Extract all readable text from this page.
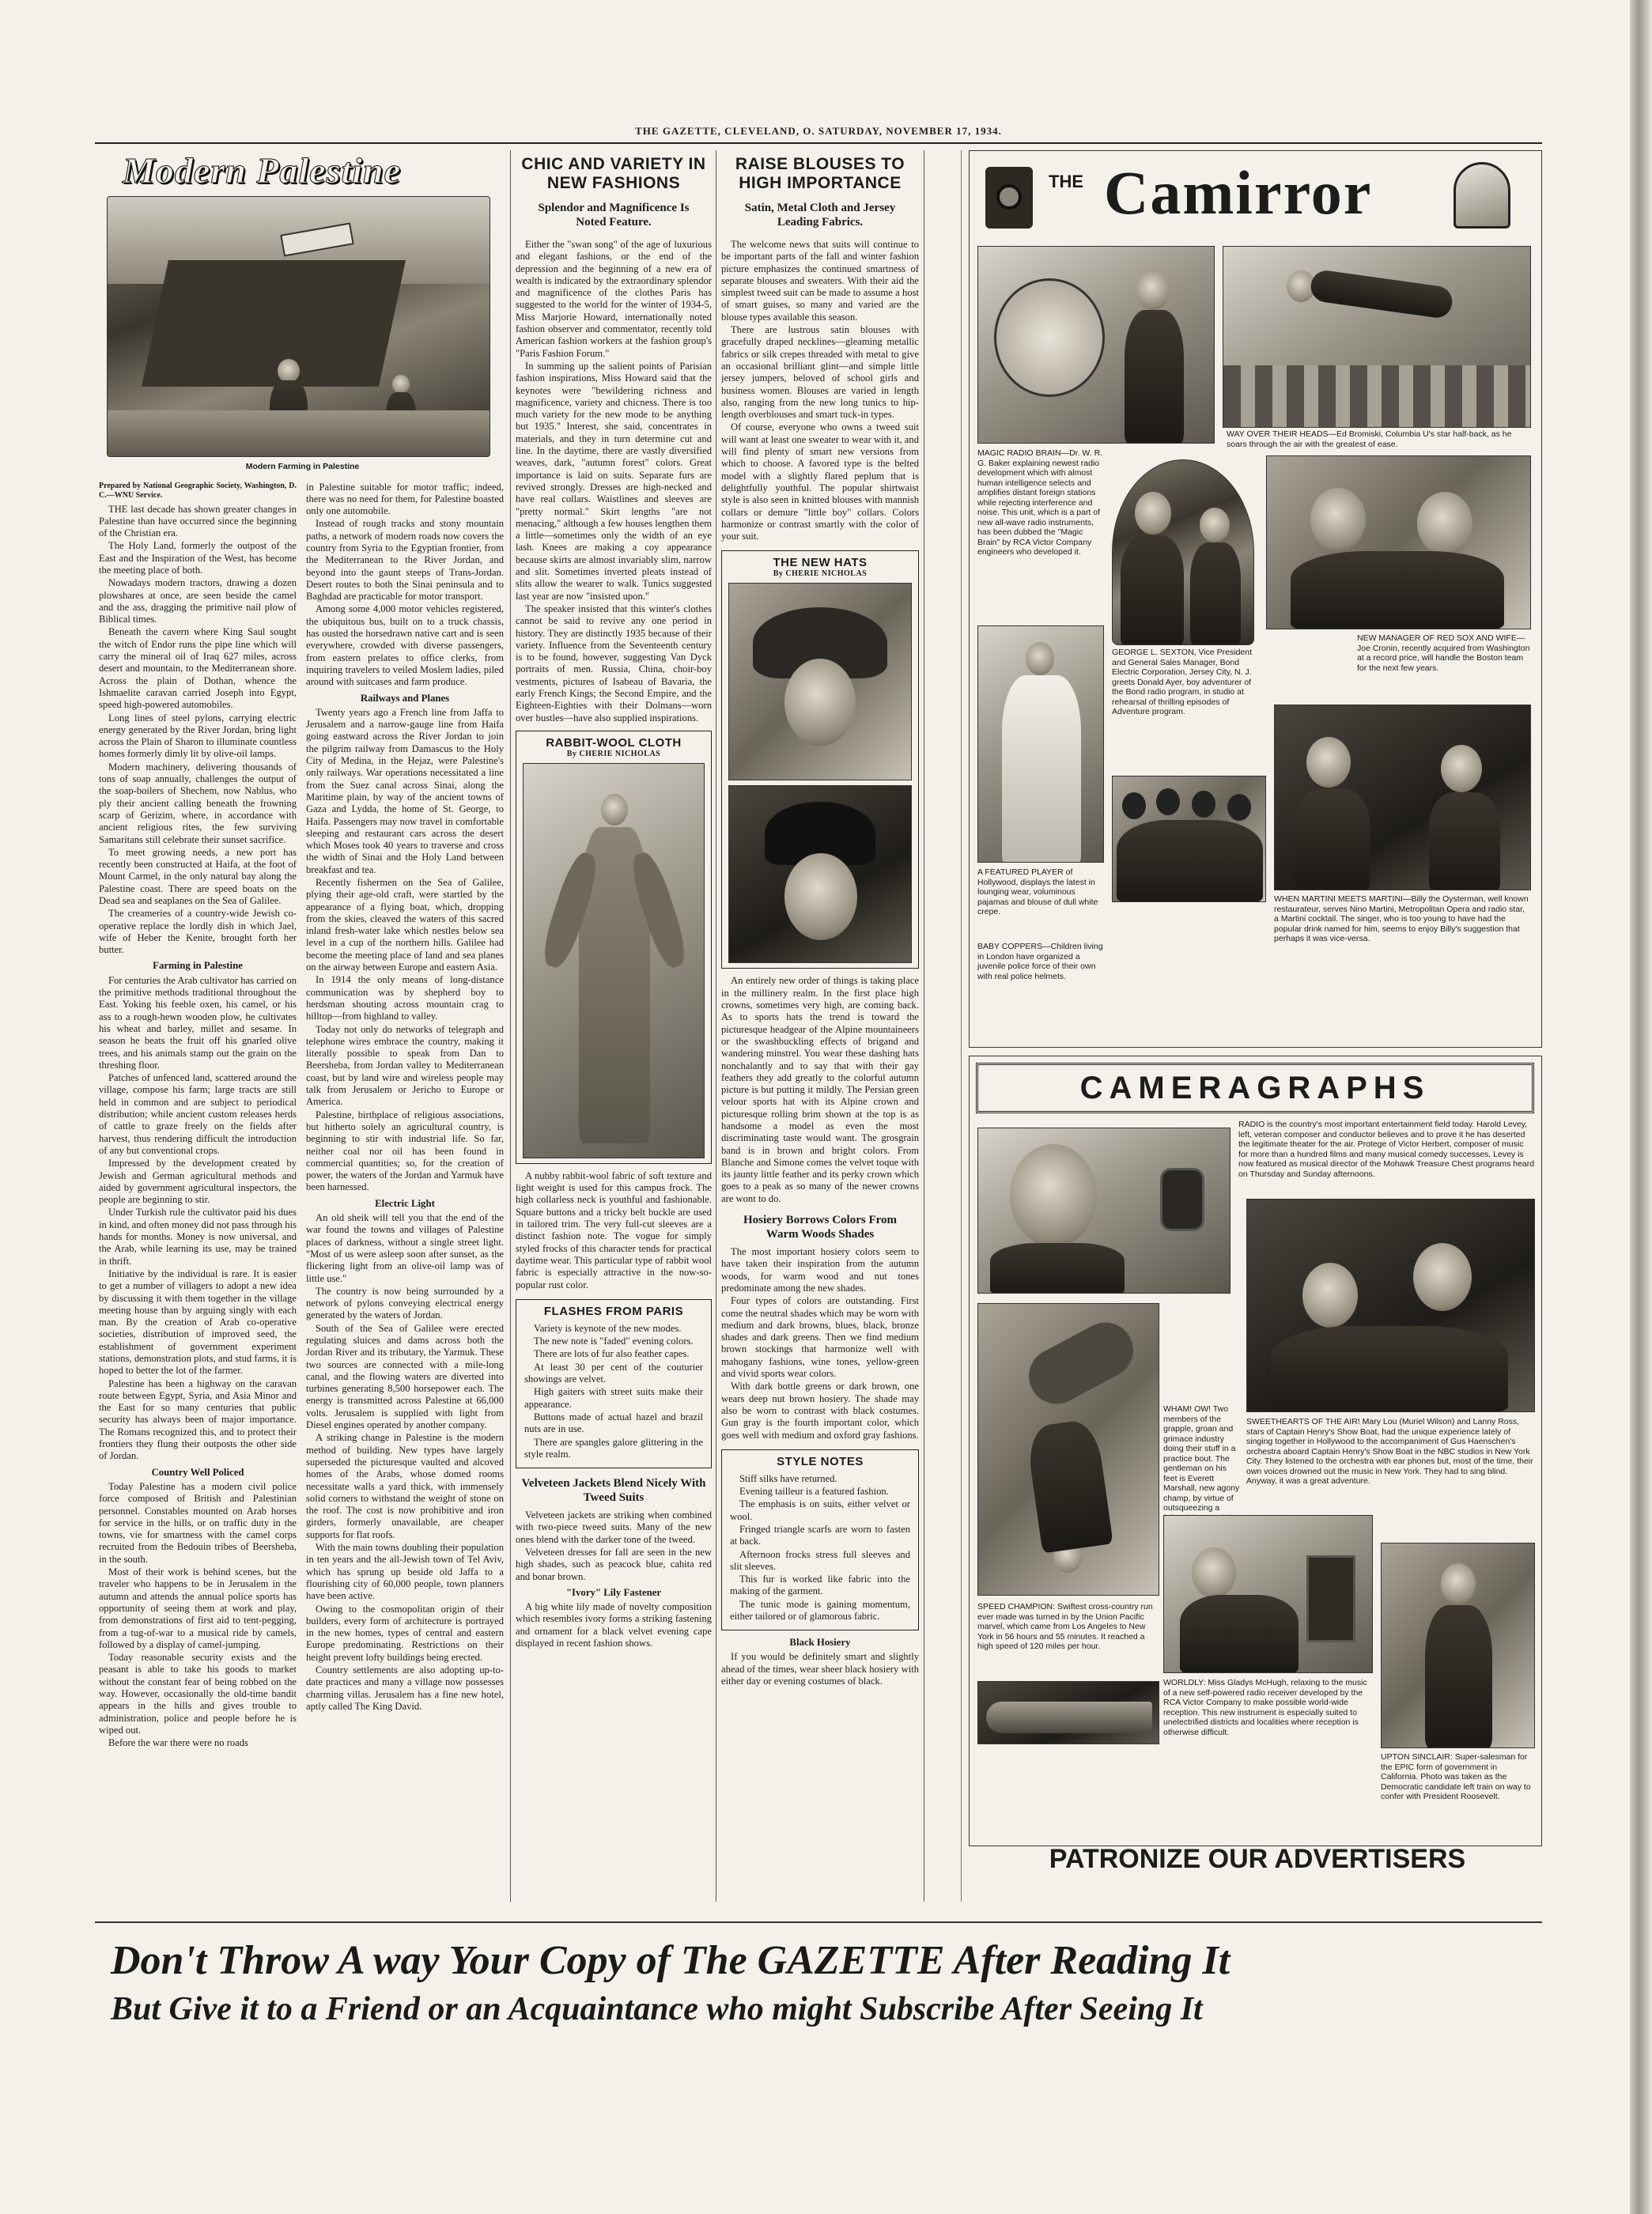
THE GAZETTE, CLEVELAND, O. SATURDAY, NOVEMBER 17, 1934.
Modern Palestine
Modern Farming in Palestine
Prepared by National Geographic Society, Washington, D. C.—WNU Service.

THE last decade has shown greater changes in Palestine than have occurred since the beginning of the Christian era.

The Holy Land, formerly the outpost of the East and the Inspiration of the West, has become the meeting place of both.

Nowadays modern tractors, drawing a dozen plowshares at once, are seen beside the camel and the ass, dragging the primitive nail plow of Biblical times.

Beneath the cavern where King Saul sought the witch of Endor runs the pipe line which will carry the mineral oil of Iraq 627 miles, across desert and mountain, to the Mediterranean shore. Across the plain of Dothan, whence the Ishmaelite caravan carried Joseph into Egypt, speed high-powered automobiles.

Long lines of steel pylons, carrying electric energy generated by the River Jordan, bring light across the Plain of Sharon to illuminate countless homes formerly dimly lit by olive-oil lamps.

Modern machinery, delivering thousands of tons of soap annually, challenges the output of the soap-boilers of Shechem, now Nablus, who ply their ancient calling beneath the frowning scarp of Gerizim, where, in accordance with ancient religious rites, the few surviving Samaritans still celebrate their sunset sacrifice.

To meet growing needs, a new port has recently been constructed at Haifa, at the foot of Mount Carmel, in the only natural bay along the Palestine coast. There are speed boats on the Dead sea and seaplanes on the Sea of Galilee.

The creameries of a country-wide Jewish co-operative replace the lordly dish in which Jael, wife of Heber the Kenite, brought forth her butter.

Farming in Palestine

For centuries the Arab cultivator has carried on the primitive methods traditional throughout the East. Yoking his feeble oxen, his camel, or his ass to a rough-hewn wooden plow, he cultivates his wheat and barley, millet and sesame. In season he beats the fruit off his gnarled olive trees, and his animals stamp out the grain on the threshing floor.

Patches of unfenced land, scattered around the village, compose his farm; large tracts are still held in common and are subject to periodical distribution; while ancient custom releases herds of cattle to graze freely on the fields after harvest, thus rendering difficult the introduction of any but conventional crops.

Impressed by the development created by Jewish and German agricultural methods and aided by government agricultural inspectors, the people are beginning to stir.

Under Turkish rule the cultivator paid his dues in kind, and often money did not pass through his hands for months. Money is now universal, and the Arab, while learning its use, may be trained in thrift.

Initiative by the individual is rare. It is easier to get a number of villagers to adopt a new idea by discussing it with them together in the village meeting house than by arguing singly with each man. By the creation of Arab co-operative societies, distribution of improved seed, the establishment of government experiment stations, demonstration plots, and stud farms, it is hoped to better the lot of the farmer.

Palestine has been a highway on the caravan route between Egypt, Syria, and Asia Minor and the East for so many centuries that public security has always been of major importance. The Romans recognized this, and to protect their frontiers they flung their outposts the other side of Jordan.

Country Well Policed

Today Palestine has a modern civil police force composed of British and Palestinian personnel. Constables mounted on Arab horses for service in the hills, or on traffic duty in the towns, vie for smartness with the camel corps recruited from the Bedouin tribes of Beersheba, in the south.

Most of their work is behind scenes, but the traveler who happens to be in Jerusalem in the autumn and attends the annual police sports has opportunity of seeing them at work and play, from demonstrations of first aid to tent-pegging, from a tug-of-war to a musical ride by camels, followed by a display of camel-jumping.

Today reasonable security exists and the peasant is able to take his goods to market without the constant fear of being robbed on the way. However, occasionally the old-time bandit appears in the hills and gives trouble to administration, police and people before he is wiped out.

Before the war there were no roads

in Palestine suitable for motor traffic; indeed, there was no need for them, for Palestine boasted only one automobile.

Instead of rough tracks and stony mountain paths, a network of modern roads now covers the country from Syria to the Egyptian frontier, from the Mediterranean to the River Jordan, and beyond into the gaunt steeps of Trans-Jordan. Desert routes to both the Sinai peninsula and to Baghdad are practicable for motor transport.

Among some 4,000 motor vehicles registered, the ubiquitous bus, built on to a truck chassis, has ousted the horsedrawn native cart and is seen everywhere, crowded with diverse passengers, from eastern prelates to office clerks, from inquiring travelers to veiled Moslem ladies, piled around with suitcases and farm produce.

Railways and Planes

Twenty years ago a French line from Jaffa to Jerusalem and a narrow-gauge line from Haifa going eastward across the River Jordan to join the pilgrim railway from Damascus to the Holy City of Medina, in the Hejaz, were Palestine's only railways. War operations necessitated a line from the Suez canal across Sinai, along the Maritime plain, by way of the ancient towns of Gaza and Lydda, the home of St. George, to Haifa. Passengers may now travel in comfortable sleeping and restaurant cars across the desert which Moses took 40 years to traverse and cross the width of Sinai and the Holy Land between breakfast and tea.

Recently fishermen on the Sea of Galilee, plying their age-old craft, were startled by the appearance of a flying boat, which, dropping from the skies, cleaved the waters of this sacred inland fresh-water lake which nestles below sea level in a cup of the northern hills. Galilee had become the meeting place of land and sea planes on the airway between Europe and eastern Asia.

In 1914 the only means of long-distance communication was by shepherd boy to herdsman shouting across mountain crag to hilltop—from highland to valley.

Today not only do networks of telegraph and telephone wires embrace the country, making it literally possible to speak from Dan to Beersheba, from Jordan valley to Mediterranean coast, but by land wire and wireless people may talk from Jerusalem or Jericho to Europe or America.

Palestine, birthplace of religious associations, but hitherto solely an agricultural country, is beginning to stir with industrial life. So far, neither coal nor oil has been found in commercial quantities; so, for the creation of power, the waters of the Jordan and Yarmuk have been harnessed.

Electric Light

An old sheik will tell you that the end of the war found the towns and villages of Palestine places of darkness, without a single street light. "Most of us were asleep soon after sunset, as the flickering light from an olive-oil lamp was of little use."

The country is now being surrounded by a network of pylons conveying electrical energy generated by the waters of Jordan.

South of the Sea of Galilee were erected regulating sluices and dams across both the Jordan River and its tributary, the Yarmuk. These two sources are connected with a mile-long canal, and the flowing waters are diverted into turbines generating 8,500 horsepower each. The energy is transmitted across Palestine at 66,000 volts. Jerusalem is supplied with light from Diesel engines operated by another company.

A striking change in Palestine is the modern method of building. New types have largely superseded the picturesque vaulted and alcoved homes of the Arabs, whose domed rooms necessitate walls a yard thick, with immensely solid corners to withstand the weight of stone on the roof. The cost is now prohibitive and iron girders, formerly unavailable, are cheaper supports for flat roofs.

With the main towns doubling their population in ten years and the all-Jewish town of Tel Aviv, which has sprung up beside old Jaffa to a flourishing city of 60,000 people, town planners have been active.

Owing to the cosmopolitan origin of their builders, every form of architecture is portrayed in the new homes, types of central and eastern Europe predominating. Restrictions on their height prevent lofty buildings being erected.

Country settlements are also adopting up-to-date practices and many a village now possesses charming villas. Jerusalem has a fine new hotel, aptly called The King David.

CHIC AND VARIETY IN NEW FASHIONS
Splendor and Magnificence Is Noted Feature.

Either the "swan song" of the age of luxurious and elegant fashions, or the end of the depression and the beginning of a new era of wealth is indicated by the extraordinary splendor and magnificence of the clothes Paris has suggested to the world for the winter of 1934-5, Miss Marjorie Howard, internationally noted fashion observer and commentator, recently told American fashion workers at the fashion group's "Paris Fashion Forum."

In summing up the salient points of Parisian fashion inspirations, Miss Howard said that the keynotes were "bewildering richness and magnificence, variety and chicness. There is too much variety for the new mode to be anything but 1935." Interest, she said, concentrates in materials, and they in turn determine cut and line. In the daytime, there are vastly diversified weaves, dark, "autumn forest" colors. Great importance is laid on suits. Separate furs are revived strongly. Dresses are high-necked and have real collars. Waistlines and sleeves are "pretty normal." Skirt lengths "are not menacing," although a few houses lengthen them a little—sometimes only the width of an eye lash. Knees are making a coy appearance because skirts are almost invariably slim, narrow and slit. Sometimes inverted pleats instead of slits allow the wearer to walk. Tunics suggested last year are now "insisted upon."

The speaker insisted that this winter's clothes cannot be said to revive any one period in history. They are distinctly 1935 because of their variety. Influence from the Seventeenth century is to be found, however, suggesting Van Dyck portraits of men. Russia, China, choir-boy vestments, pictures of Isabeau of Bavaria, the early French Kings; the Second Empire, and the Eighteen-Eighties with their Dolmans—worn over bustles—have also supplied inspirations.

RABBIT-WOOL CLOTH
By CHERIE NICHOLAS

A nubby rabbit-wool fabric of soft texture and light weight is used for this campus frock. The high collarless neck is youthful and fashionable. Square buttons and a tricky belt buckle are used in tailored trim. The very full-cut sleeves are a distinct fashion note. The vogue for simply styled frocks of this character tends for practical daytime wear. This particular type of rabbit wool fabric is especially attractive in the now-so-popular rust color.

FLASHES FROM PARIS

Variety is keynote of the new modes.

The new note is "faded" evening colors.

There are lots of fur also feather capes.

At least 30 per cent of the couturier showings are velvet.

High gaiters with street suits make their appearance.

Buttons made of actual hazel and brazil nuts are in use.

There are spangles galore glittering in the style realm.

Velveteen Jackets Blend Nicely With Tweed Suits

Velveteen jackets are striking when combined with two-piece tweed suits. Many of the new ones blend with the darker tone of the tweed.

Velveteen dresses for fall are seen in the new high shades, such as peacock blue, cahita red and bonar brown.

"Ivory" Lily Fastener

A big white lily made of novelty composition which resembles ivory forms a striking fastening and ornament for a black velvet evening cape displayed in recent fashion shows.

RAISE BLOUSES TO HIGH IMPORTANCE
Satin, Metal Cloth and Jersey Leading Fabrics.

The welcome news that suits will continue to be important parts of the fall and winter fashion picture emphasizes the continued smartness of separate blouses and sweaters. With their aid the simplest tweed suit can be made to assume a host of smart guises, so many and varied are the blouse types available this season.

There are lustrous satin blouses with gracefully draped necklines—gleaming metallic fabrics or silk crepes threaded with metal to give an occasional brilliant glint—and simple little jersey jumpers, beloved of school girls and business women. Blouses are varied in length also, ranging from the new long tunics to hip-length overblouses and smart tuck-in types.

Of course, everyone who owns a tweed suit will want at least one sweater to wear with it, and will find plenty of smart new versions from which to choose. A favored type is the belted model with a slightly flared peplum that is delightfully youthful. The popular shirtwaist style is also seen in knitted blouses with mannish collars or demure "little boy" collars. Colors harmonize or contrast smartly with the color of your suit.

THE NEW HATS
By CHERIE NICHOLAS

An entirely new order of things is taking place in the millinery realm. In the first place high crowns, sometimes very high, are coming back. As to sports hats the trend is toward the picturesque headgear of the Alpine mountaineers or the swashbuckling effects of brigand and wandering minstrel. You wear these dashing hats nonchalantly and to say that with their gay feathers they add greatly to the colorful autumn picture is but putting it mildly. The Persian green velour sports hat with its Alpine crown and picturesque rolling brim shown at the top is as handsome a model as even the most discriminating taste would want. The grosgrain band is in brown and bright colors. From Blanche and Simone comes the velvet toque with its jaunty little feather and its perky crown which goes to a peak as so many of the newer crowns are wont to do.

Hosiery Borrows Colors From Warm Woods Shades

The most important hosiery colors seem to have taken their inspiration from the autumn woods, for warm wood and nut tones predominate among the new shades.

Four types of colors are outstanding. First come the neutral shades which may be worn with medium and dark browns, blues, black, bronze shades and dark greens. Then we find medium brown stockings that harmonize well with mahogany fashions, wine tones, yellow-green and vivid sports wear colors.

With dark bottle greens or dark brown, one wears deep nut brown hosiery. The shade may also be worn to contrast with black costumes. Gun gray is the fourth important color, which goes well with medium and oxford gray fashions.

STYLE NOTES

Stiff silks have returned.

Evening tailleur is a featured fashion.

The emphasis is on suits, either velvet or wool.

Fringed triangle scarfs are worn to fasten at back.

Afternoon frocks stress full sleeves and slit sleeves.

This fur is worked like fabric into the making of the garment.

The tunic mode is gaining momentum, either tailored or of glamorous fabric.

Black Hosiery

If you would be definitely smart and slightly ahead of the times, wear sheer black hosiery with either day or evening costumes of black.

THE Camirror
WAY OVER THEIR HEADS—Ed Bromiski, Columbia U's star half-back, as he soars through the air with the greatest of ease.
MAGIC RADIO BRAIN—Dr. W. R. G. Baker explaining newest radio development which with almost human intelligence selects and amplifies distant foreign stations while rejecting interference and noise. This unit, which is a part of new all-wave radio instruments, has been dubbed the "Magic Brain" by RCA Victor Company engineers who developed it.
NEW MANAGER OF RED SOX AND WIFE—Joe Cronin, recently acquired from Washington at a record price, will handle the Boston team for the next few years.
GEORGE L. SEXTON, Vice President and General Sales Manager, Bond Electric Corporation, Jersey City, N. J. greets Donald Ayer, boy adventurer of the Bond radio program, in studio at rehearsal of thrilling episodes of Adventure program.
A FEATURED PLAYER of Hollywood, displays the latest in lounging wear, voluminous pajamas and blouse of dull white crepe.
BABY COPPERS—Children living in London have organized a juvenile police force of their own with real police helmets.
WHEN MARTINI MEETS MARTINI—Billy the Oysterman, well known restaurateur, serves Nino Martini, Metropolitan Opera and radio star, a Martini cocktail. The singer, who is too young to have had the popular drink named for him, seems to enjoy Billy's suggestion that perhaps it was vice-versa.
CAMERAGRAPHS
RADIO is the country's most important entertainment field today. Harold Levey, left, veteran composer and conductor believes and to prove it he has deserted the legitimate theater for the air. Protege of Victor Herbert, composer of music for more than a hundred films and many musical comedy successes, Levey is now featured as musical director of the Mohawk Treasure Chest programs heard on Thursday and Sunday afternoons.
WHAM! OW! Two members of the grapple, groan and grimace industry doing their stuff in a practice bout. The gentleman on his feet is Everett Marshall, new agony champ, by virtue of outsqueezing a
SWEETHEARTS OF THE AIR! Mary Lou (Muriel Wilson) and Lanny Ross, stars of Captain Henry's Show Boat, had the unique experience lately of singing together in Hollywood to the accompaniment of Gus Haenschen's orchestra aboard Captain Henry's Show Boat in the NBC studios in New York City. They listened to the orchestra with ear phones but, most of the time, their own voices drowned out the music in New York. They had to sing blind. Anyway, it was a great adventure.
SPEED CHAMPION: Swiftest cross-country run ever made was turned in by the Union Pacific marvel, which came from Los Angeles to New York in 56 hours and 55 minutes. It reached a high speed of 120 miles per hour.
WORLDLY: Miss Gladys McHugh, relaxing to the music of a new self-powered radio receiver developed by the RCA Victor Company to make possible world-wide reception. This new instrument is especially suited to unelectrified districts and localities where reception is otherwise difficult.
UPTON SINCLAIR: Super-salesman for the EPIC form of government in California. Photo was taken as the Democratic candidate left train on way to confer with President Roosevelt.
PATRONIZE OUR ADVERTISERS
Don't Throw A way Your Copy of The GAZETTE After Reading It
But Give it to a Friend or an Acquaintance who might Subscribe After Seeing It
